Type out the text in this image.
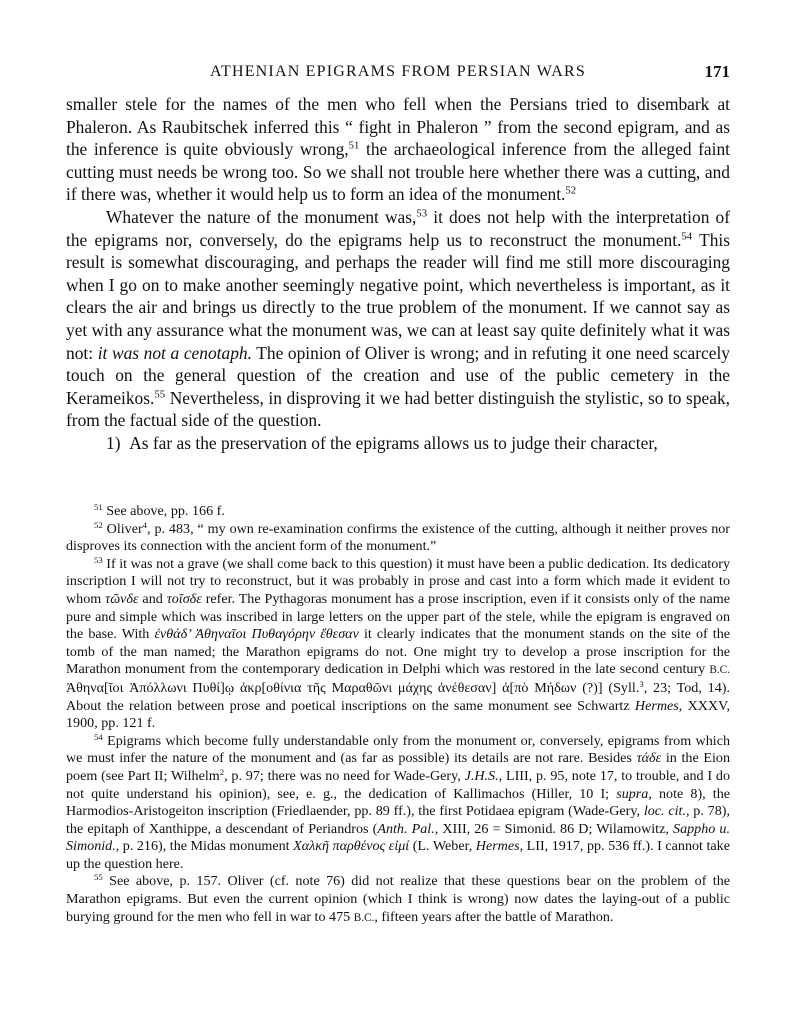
ATHENIAN EPIGRAMS FROM PERSIAN WARS	171

smaller stele for the names of the men who fell when the Persians tried to disembark at Phaleron. As Raubitschek inferred this “ fight in Phaleron ” from the second epigram, and as the inference is quite obviously wrong,$^{51}$ the archaeological inference from the alleged faint cutting must needs be wrong too. So we shall not trouble here whether there was a cutting, and if there was, whether it would help us to form an idea of the monument.$^{52}$

Whatever the nature of the monument was,$^{53}$ it does not help with the interpretation of the epigrams nor, conversely, do the epigrams help us to reconstruct the monument.$^{54}$ This result is somewhat discouraging, and perhaps the reader will find me still more discouraging when I go on to make another seemingly negative point, which nevertheless is important, as it clears the air and brings us directly to the true problem of the monument. If we cannot say as yet with any assurance what the monument was, we can at least say quite definitely what it was not: it was not a cenotaph. The opinion of Oliver is wrong; and in refuting it one need scarcely touch on the general question of the creation and use of the public cemetery in the Kerameikos.$^{55}$ Nevertheless, in disproving it we had better distinguish the stylistic, so to speak, from the factual side of the question.

1) As far as the preservation of the epigrams allows us to judge their character,

$^{51}$ See above, pp. 166 f.

$^{52}$ Oliver$^4$, p. 483, “ my own re-examination confirms the existence of the cutting, although it neither proves nor disproves its connection with the ancient form of the monument.”

$^{53}$ If it was not a grave (we shall come back to this question) it must have been a public dedication. Its dedicatory inscription I will not try to reconstruct, but it was probably in prose and cast into a form which made it evident to whom τῶνδε and τοῖσδε refer. The Pythagoras monument has a prose inscription, even if it consists only of the name pure and simple which was inscribed in large letters on the upper part of the stele, while the epigram is engraved on the base. With ἐνθάδ’ Ἀθηναῖοι Πυθαγόρην ἔθεσαν it clearly indicates that the monument stands on the site of the tomb of the man named; the Marathon epigrams do not. One might try to develop a prose inscription for the Marathon monument from the contemporary dedication in Delphi which was restored in the late second century B.C. Ἀθηνα[ῖοι Ἀπόλλωνι Πυθί]ῳ ἀκρ[οθίνια τῆς Μαραθῶνι μάχης ἀνέθεσαν] ἀ[πὸ Μήδων (?)] (Syll.$^3$, 23; Tod, 14). About the relation between prose and poetical inscriptions on the same monument see Schwartz Hermes, XXXV, 1900, pp. 121 f.

$^{54}$ Epigrams which become fully understandable only from the monument or, conversely, epigrams from which we must infer the nature of the monument and (as far as possible) its details are not rare. Besides τάδε in the Eion poem (see Part II; Wilhelm$^2$, p. 97; there was no need for Wade-Gery, J.H.S., LIII, p. 95, note 17, to trouble, and I do not quite understand his opinion), see, e. g., the dedication of Kallimachos (Hiller, 10 I; supra, note 8), the Harmodios-Aristogeiton inscription (Friedlaender, pp. 89 ff.), the first Potidaea epigram (Wade-Gery, loc. cit., p. 78), the epitaph of Xanthippe, a descendant of Periandros (Anth. Pal., XIII, 26 = Simonid. 86 D; Wilamowitz, Sappho u. Simonid., p. 216), the Midas monument Χαλκῆ παρθένος εἰμί (L. Weber, Hermes, LII, 1917, pp. 536 ff.). I cannot take up the question here.

$^{55}$ See above, p. 157. Oliver (cf. note 76) did not realize that these questions bear on the problem of the Marathon epigrams. But even the current opinion (which I think is wrong) now dates the laying-out of a public burying ground for the men who fell in war to 475 B.C., fifteen years after the battle of Marathon.
